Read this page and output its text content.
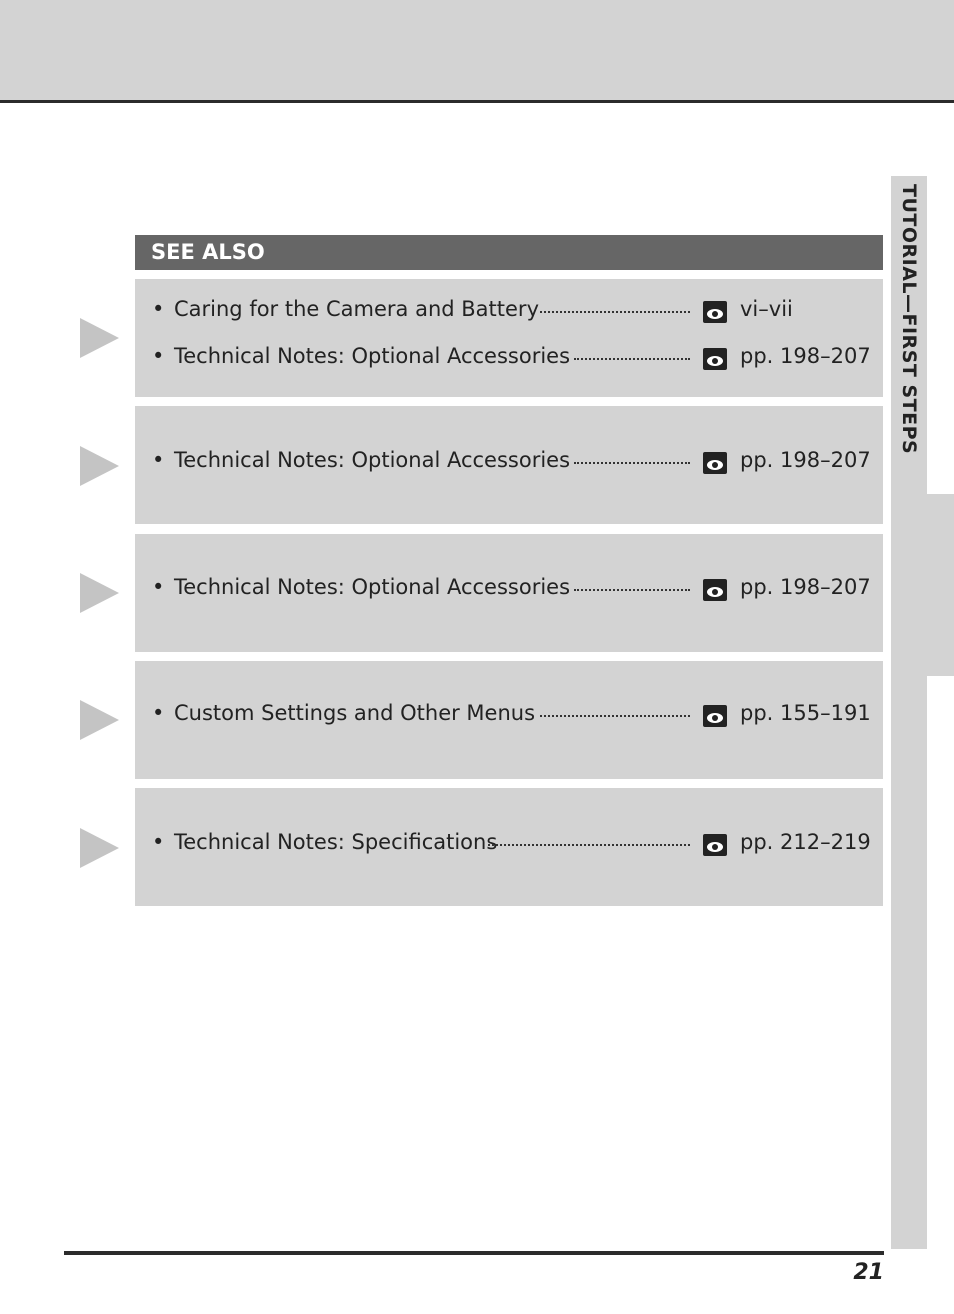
TUTORIAL—FIRST STEPS
SEE ALSO
• Caring for the Camera and Battery	vi–vii
• Technical Notes: Optional Accessories	pp. 198–207
• Technical Notes: Optional Accessories	pp. 198–207
• Technical Notes: Optional Accessories	pp. 198–207
• Custom Settings and Other Menus	pp. 155–191
• Technical Notes: Specifications	pp. 212–219
21
